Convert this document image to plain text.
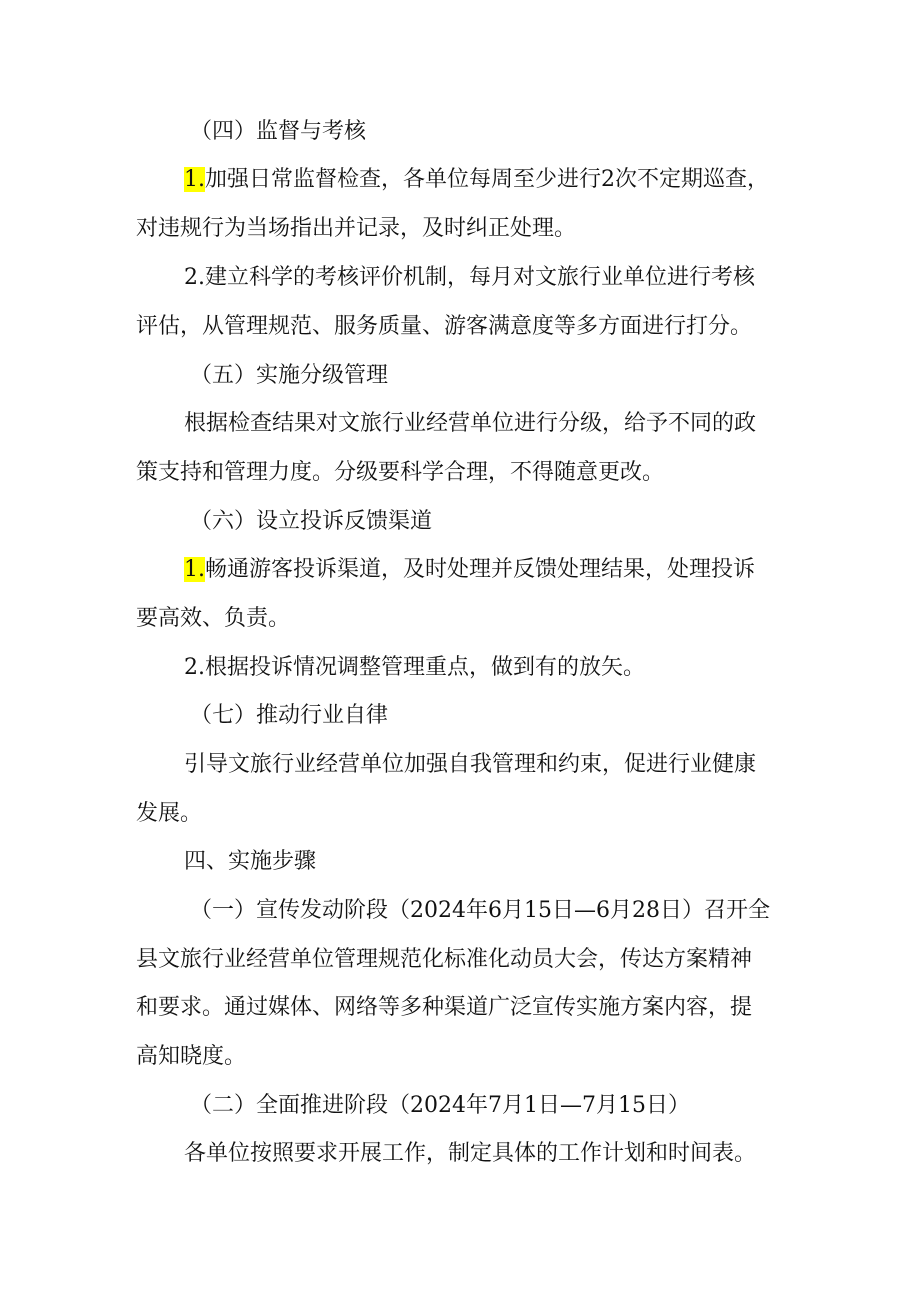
（四）监督与考核
1.加强日常监督检查，各单位每周至少进行2次不定期巡查，
对违规行为当场指出并记录，及时纠正处理。
2.建立科学的考核评价机制，每月对文旅行业单位进行考核
评估，从管理规范、服务质量、游客满意度等多方面进行打分。
（五）实施分级管理
根据检查结果对文旅行业经营单位进行分级，给予不同的政
策支持和管理力度。分级要科学合理，不得随意更改。
（六）设立投诉反馈渠道
1.畅通游客投诉渠道，及时处理并反馈处理结果，处理投诉
要高效、负责。
2.根据投诉情况调整管理重点，做到有的放矢。
（七）推动行业自律
引导文旅行业经营单位加强自我管理和约束，促进行业健康
发展。
四、实施步骤
（一）宣传发动阶段（2024年6月15日—6月28日）召开全
县文旅行业经营单位管理规范化标准化动员大会，传达方案精神
和要求。通过媒体、网络等多种渠道广泛宣传实施方案内容，提
高知晓度。
（二）全面推进阶段（2024年7月1日—7月15日）
各单位按照要求开展工作，制定具体的工作计划和时间表。
